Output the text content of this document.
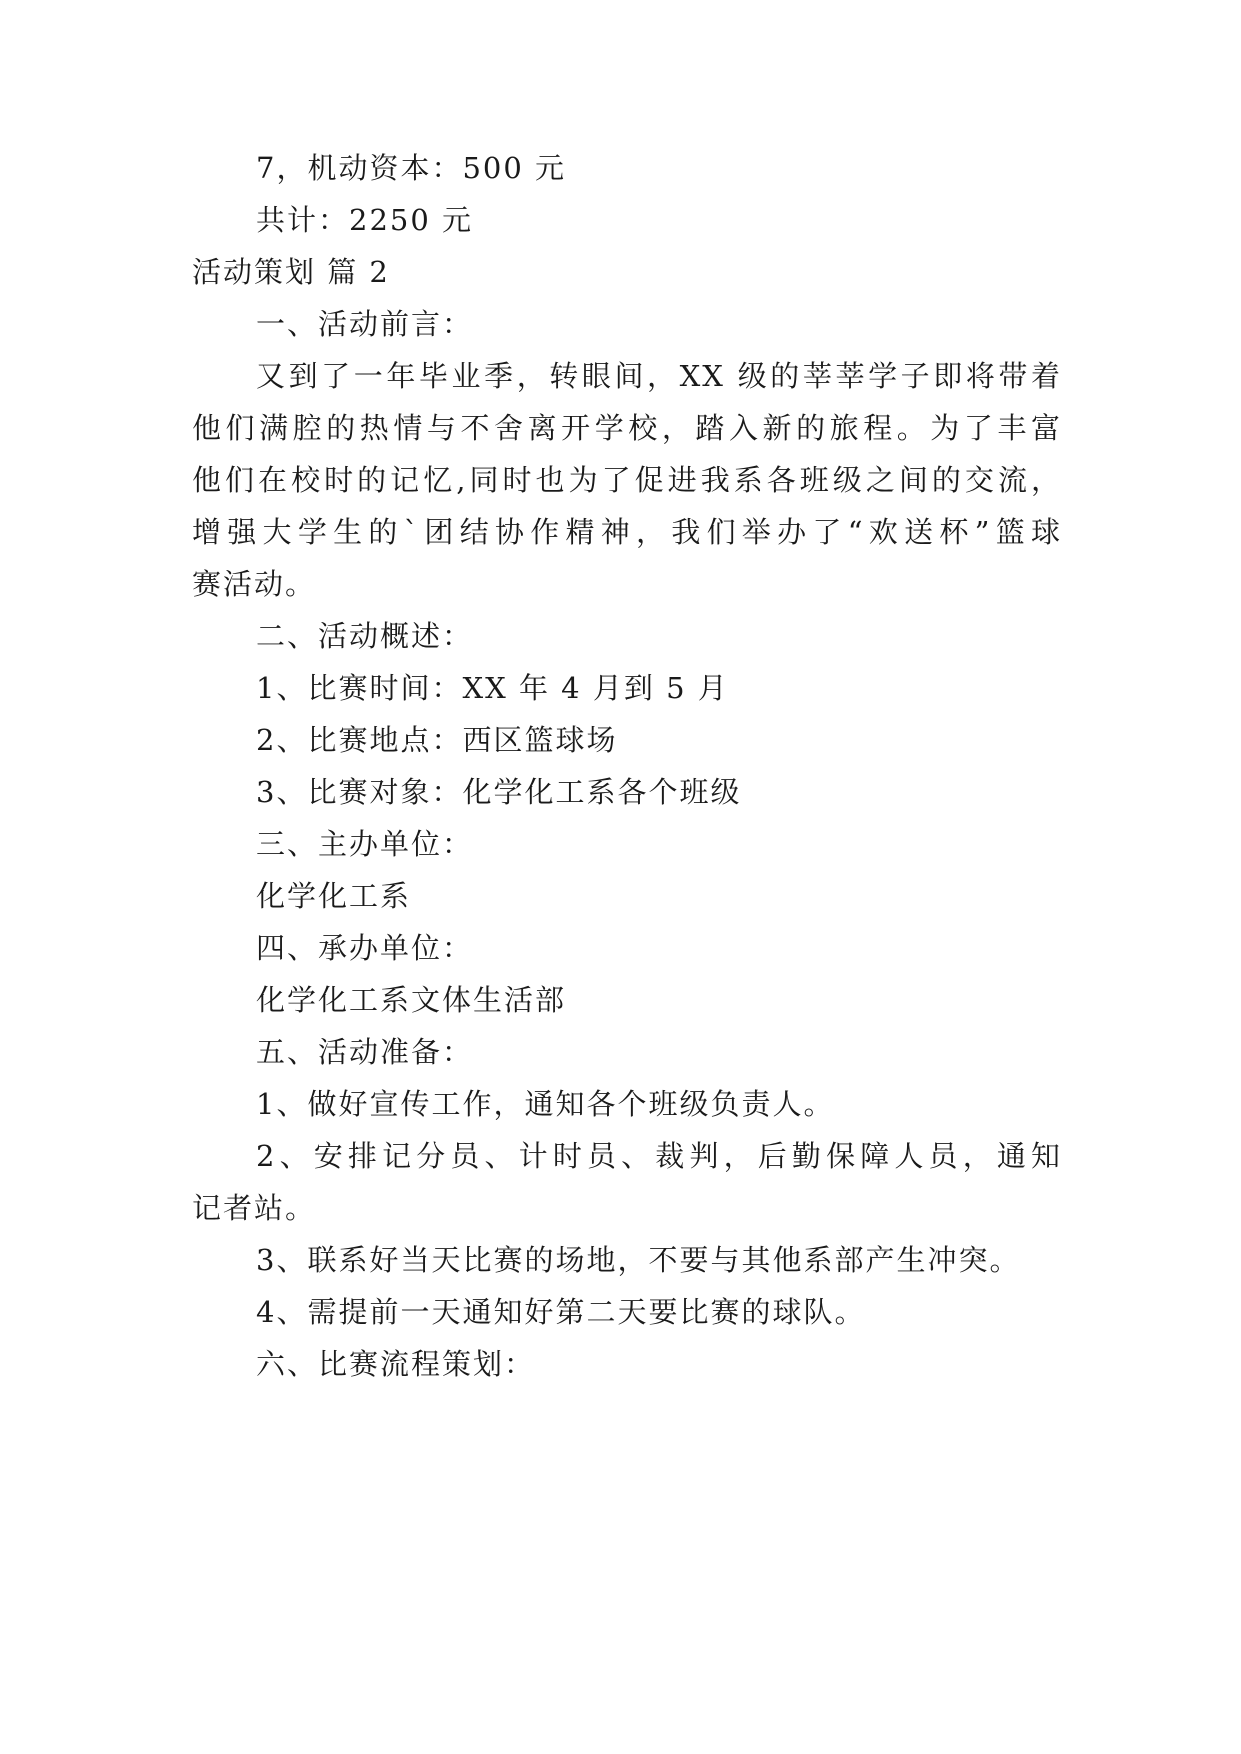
7，机动资本：500 元
共计：2250 元
活动策划 篇 2
一、活动前言：
又到了一年毕业季，转眼间，XX 级的莘莘学子即将带着
他们满腔的热情与不舍离开学校，踏入新的旅程。为了丰富
他们在校时的记忆,同时也为了促进我系各班级之间的交流，
增强大学生的`团结协作精神，我们举办了“欢送杯”篮球
赛活动。
二、活动概述：
1、比赛时间：XX 年 4 月到 5 月
2、比赛地点：西区篮球场
3、比赛对象：化学化工系各个班级
三、主办单位：
化学化工系
四、承办单位：
化学化工系文体生活部
五、活动准备：
1、做好宣传工作，通知各个班级负责人。
2、安排记分员、计时员、裁判，后勤保障人员，通知
记者站。
3、联系好当天比赛的场地，不要与其他系部产生冲突。
4、需提前一天通知好第二天要比赛的球队。
六、比赛流程策划：
